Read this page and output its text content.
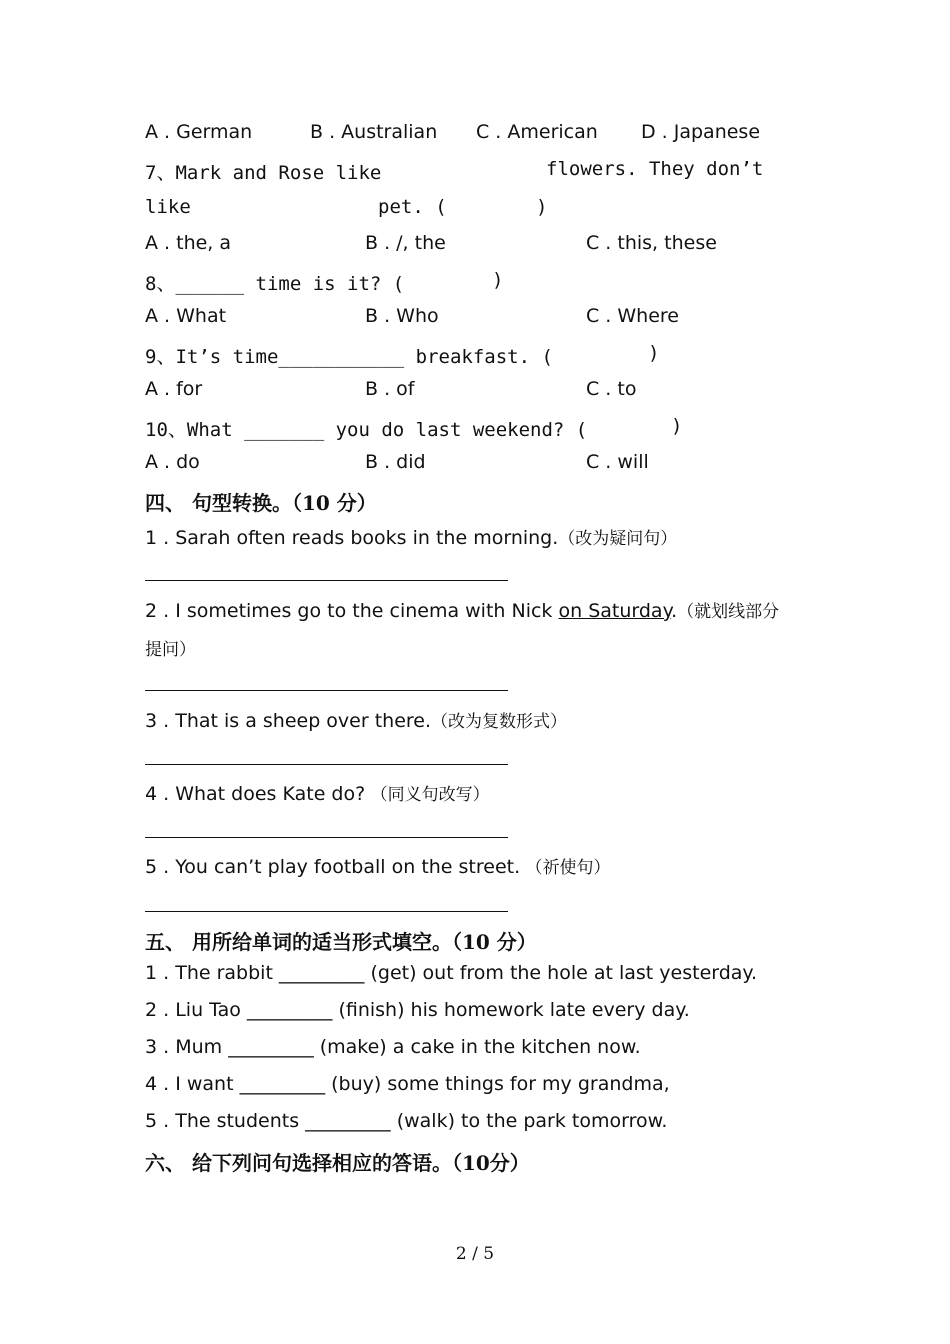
A . German	B . Australian C . American D . Japanese
7、Mark and Rose like	flowers. They don’t
like	pet. (	)
A . the, a	B . /, the	C . this, these
8、______ time is it? (	)
A . What	B . Who	C . Where
9、It’s time___________ breakfast. (	)
A . for	B . of	C . to
10、What _______ you do last weekend? (	)
A . do	B . did	C . will
四、 句型转换。（10 分）
1 . Sarah often reads books in the morning.（改为疑问句）
2 . I sometimes go to the cinema with Nick on Saturday.（就划线部分
提问）
3 . That is a sheep over there.（改为复数形式）
4 . What does Kate do? （同义句改写）
5 . You can’t play football on the street. （祈使句）
五、 用所给单词的适当形式填空。（10 分）
1 . The rabbit _________ (get) out from the hole at last yesterday.
2 . Liu Tao _________ (finish) his homework late every day.
3 . Mum _________ (make) a cake in the kitchen now.
4 . I want _________ (buy) some things for my grandma,
5 . The students _________ (walk) to the park tomorrow.
六、 给下列问句选择相应的答语。（10分）
2 / 5
